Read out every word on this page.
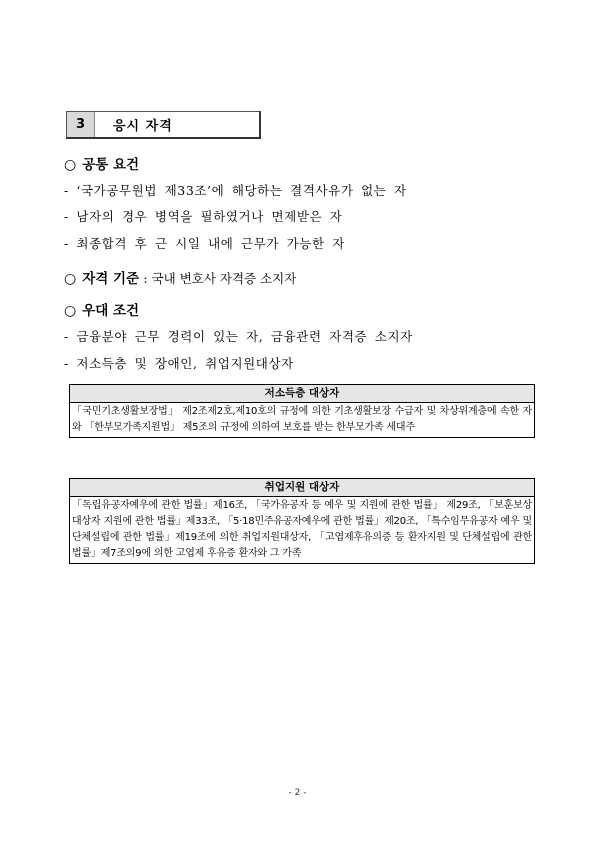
3	응시 자격
○ 공통 요건
- ‘국가공무원법 제33조’에 해당하는 결격사유가 없는 자
- 남자의 경우 병역을 필하였거나 면제받은 자
- 최종합격 후 근 시일 내에 근무가 가능한 자
○ 자격 기준 : 국내 변호사 자격증 소지자
○ 우대 조건
- 금융분야 근무 경력이 있는 자, 금융관련 자격증 소지자
- 저소득층 및 장애인, 취업지원대상자
저소득층 대상자
「국민기초생활보장법」 제2조제2호,제10호의 규정에 의한 기초생활보장 수급자 및 차상위계층에 속한 자와 「한부모가족지원법」 제5조의 규정에 의하여 보호를 받는 한부모가족 세대주
취업지원 대상자
「독립유공자예우에 관한 법률」제16조, 「국가유공자 등 예우 및 지원에 관한 법률」 제29조, 「보훈보상대상자 지원에 관한 법률」제33조, 「5·18민주유공자예우에 관한 법률」제20조, 「특수임무유공자 예우 및 단체설립에 관한 법률」제19조에 의한 취업지원대상자, 「고엽제후유의증 등 환자지원 및 단체설립에 관한 법률」제7조의9에 의한 고엽제 후유증 환자와 그 가족
- 2 -
